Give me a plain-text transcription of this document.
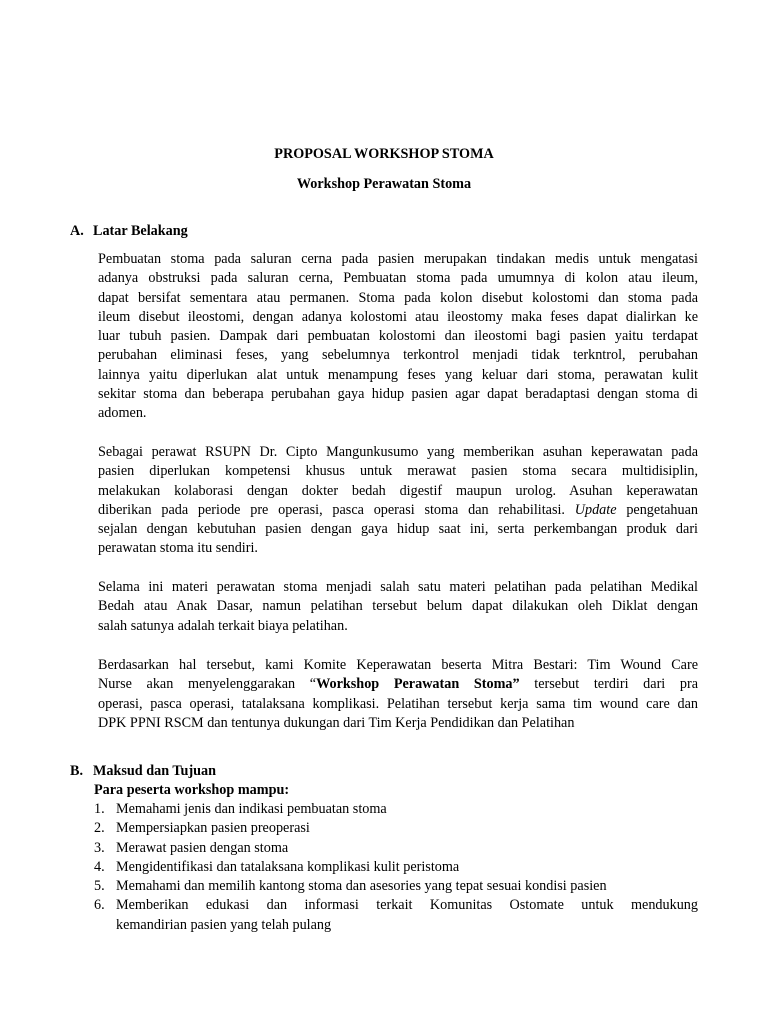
PROPOSAL WORKSHOP STOMA
Workshop Perawatan Stoma
A. Latar Belakang
Pembuatan stoma pada saluran cerna pada pasien merupakan tindakan medis untuk mengatasi
adanya obstruksi pada saluran cerna, Pembuatan stoma pada umumnya di kolon atau ileum,
dapat bersifat sementara atau permanen. Stoma pada kolon disebut kolostomi dan stoma pada
ileum disebut ileostomi, dengan adanya kolostomi atau ileostomy maka feses dapat dialirkan ke
luar tubuh pasien. Dampak dari pembuatan kolostomi dan ileostomi bagi pasien yaitu terdapat
perubahan eliminasi feses, yang sebelumnya terkontrol menjadi tidak terkntrol, perubahan
lainnya yaitu diperlukan alat untuk menampung feses yang keluar dari stoma, perawatan kulit
sekitar stoma dan beberapa perubahan gaya hidup pasien agar dapat beradaptasi dengan stoma di
adomen.
Sebagai perawat RSUPN Dr. Cipto Mangunkusumo yang memberikan asuhan keperawatan pada
pasien diperlukan kompetensi khusus untuk merawat pasien stoma secara multidisiplin,
melakukan kolaborasi dengan dokter bedah digestif maupun urolog. Asuhan keperawatan
diberikan pada periode pre operasi, pasca operasi stoma dan rehabilitasi. Update pengetahuan
sejalan dengan kebutuhan pasien dengan gaya hidup saat ini, serta perkembangan produk dari
perawatan stoma itu sendiri.
Selama ini materi perawatan stoma menjadi salah satu materi pelatihan pada pelatihan Medikal
Bedah atau Anak Dasar, namun pelatihan tersebut belum dapat dilakukan oleh Diklat dengan
salah satunya adalah terkait biaya pelatihan.
Berdasarkan hal tersebut, kami Komite Keperawatan beserta Mitra Bestari: Tim Wound Care
Nurse akan menyelenggarakan “Workshop Perawatan Stoma” tersebut terdiri dari pra
operasi, pasca operasi, tatalaksana komplikasi. Pelatihan tersebut kerja sama tim wound care dan
DPK PPNI RSCM dan tentunya dukungan dari Tim Kerja Pendidikan dan Pelatihan
B. Maksud dan Tujuan
Para peserta workshop mampu:
1. Memahami jenis dan indikasi pembuatan stoma
2. Mempersiapkan pasien preoperasi
3. Merawat pasien dengan stoma
4. Mengidentifikasi dan tatalaksana komplikasi kulit peristoma
5. Memahami dan memilih kantong stoma dan asesories yang tepat sesuai kondisi pasien
6. Memberikan edukasi dan informasi terkait Komunitas Ostomate untuk mendukung
kemandirian pasien yang telah pulang
